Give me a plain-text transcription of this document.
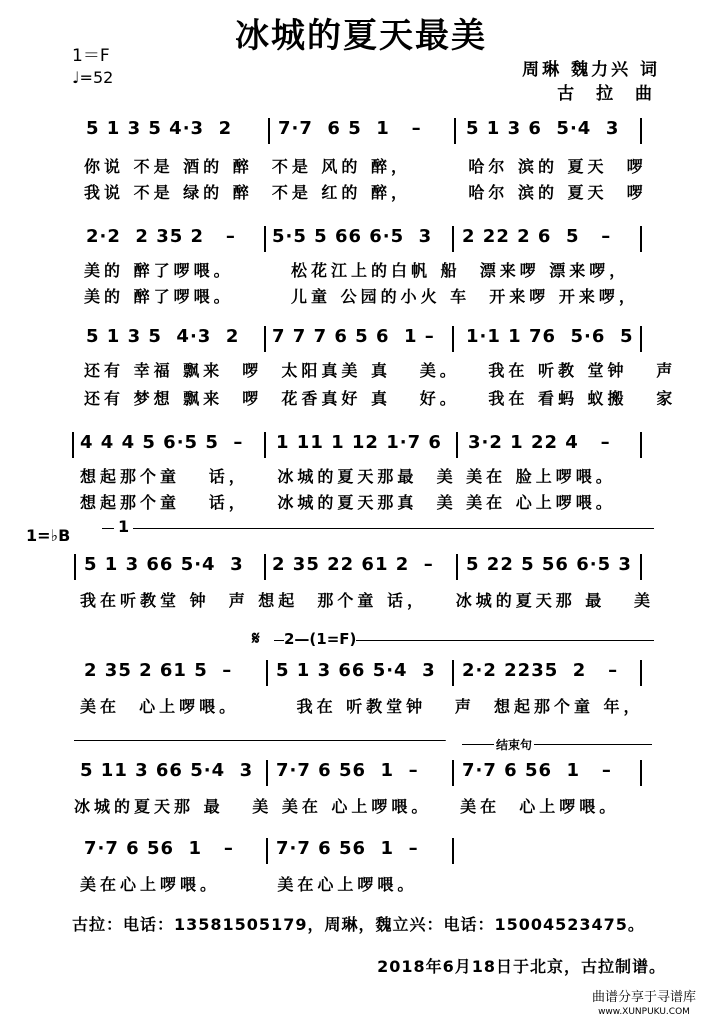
冰城的夏天最美
1＝F
♩=52	周琳 魏力兴 词
古 拉 曲
5 1 3 5 4·3  2	7·7  6 5  1   – 5 1 3 6  5·4  3
你说 不是 酒的 醉  不是 风的 醉，      哈尔 滨的 夏天  啰
我说 不是 绿的 醉  不是 红的 醉，      哈尔 滨的 夏天  啰
2·2  2 35 2   – 5·5 5 66 6·5  3 2 22 2 6  5   –
美的 醉了啰喂。      松花江上的白帆 船  漂来啰 漂来啰，
美的 醉了啰喂。      儿童 公园的小火 车  开来啰 开来啰，
5 1 3 5  4·3  2 7 7 7 6 5 6  1 – 1·1 1 76  5·6  5
还有 幸福 飘来  啰  太阳真美 真   美。   我在 听教 堂钟   声
还有 梦想 飘来  啰  花香真好 真   好。   我在 看蚂 蚁搬   家
4 4 4 5 6·5 5  – 1 11 1 12 1·7 6 3·2 1 22 4   –
想起那个童   话，   冰城的夏天那最  美 美在 脸上啰喂。
想起那个童   话，   冰城的夏天那真  美 美在 心上啰喂。
5 1 3 66 5·4  3 2 35 22 61 2  – 5 22 5 56 6·5 3
我在听教堂 钟  声 想起  那个童 话，   冰城的夏天那 最   美
2 35 2 61 5  – 5 1 3 66 5·4  3 2·2 2235  2   –
美在  心上啰喂。      我在 听教堂钟   声  想起那个童 年，
5 11 3 66 5·4  3 7·7 6 56  1  – 7·7 6 56  1   –
冰城的夏天那 最   美 美在 心上啰喂。   美在  心上啰喂。
7·7 6 56  1   – 7·7 6 56  1  –
美在心上啰喂。      美在心上啰喂。
1=♭B	1
𝄋 2—(1=F)
结束句
古拉：电话：13581505179，周琳，魏立兴：电话：15004523475。
2018年6月18日于北京，古拉制谱。
曲谱分享于寻谱库
www.XUNPUKU.COM
